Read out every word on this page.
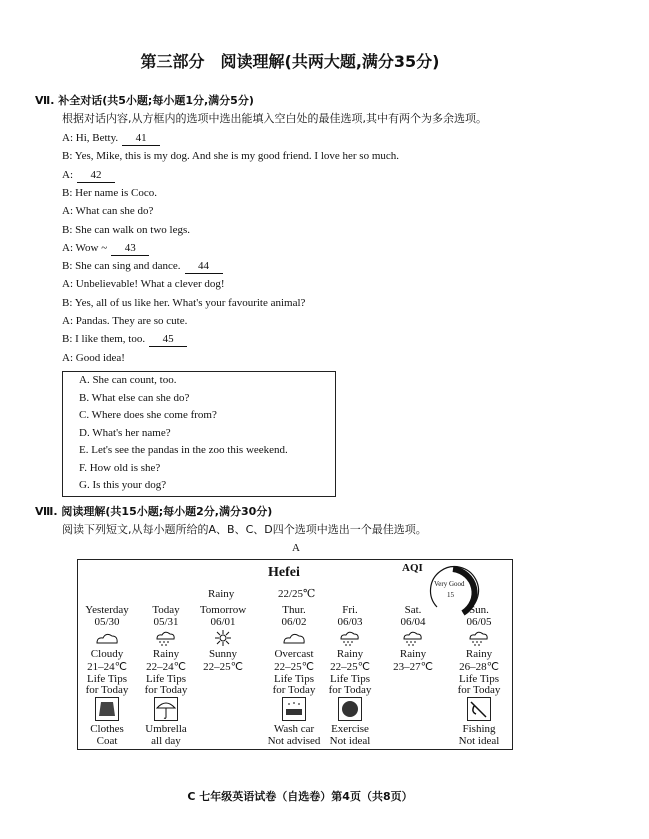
第三部分　阅读理解(共两大题,满分35分)
Ⅶ. 补全对话(共5小题;每小题1分,满分5分)
根据对话内容,从方框内的选项中选出能填入空白处的最佳选项,其中有两个为多余选项。
A: Hi, Betty. 41
B: Yes, Mike, this is my dog. And she is my good friend. I love her so much.
A: 42
B: Her name is Coco.
A: What can she do?
B: She can walk on two legs.
A: Wow ~ 43
B: She can sing and dance. 44
A: Unbelievable! What a clever dog!
B: Yes, all of us like her. What's your favourite animal?
A: Pandas. They are so cute.
B: I like them, too. 45
A: Good idea!
A. She can count, too.
B. What else can she do?
C. Where does she come from?
D. What's her name?
E. Let's see the pandas in the zoo this weekend.
F. How old is she?
G. Is this your dog?
Ⅷ. 阅读理解(共15小题;每小题2分,满分30分)
阅读下列短文,从每小题所给的A、B、C、D四个选项中选出一个最佳选项。
A
Hefei
Rainy	22/25℃
AQI
Very Good
15
Yesterday
05/30
Cloudy
21–24℃
Life Tips for Today
Clothes
Coat
Today
05/31
Rainy
22–24℃
Life Tips for Today
Umbrella
all day
Tomorrow
06/01
Sunny
22–25℃
Thur.
06/02
Overcast
22–25℃
Life Tips for Today
Wash car
Not advised
Fri.
06/03
Rainy
22–25℃
Life Tips for Today
Exercise
Not ideal
Sat.
06/04
Rainy
23–27℃
Sun.
06/05
Rainy
26–28℃
Life Tips for Today
Fishing
Not ideal
C 七年级英语试卷（自选卷）第4页（共8页）
